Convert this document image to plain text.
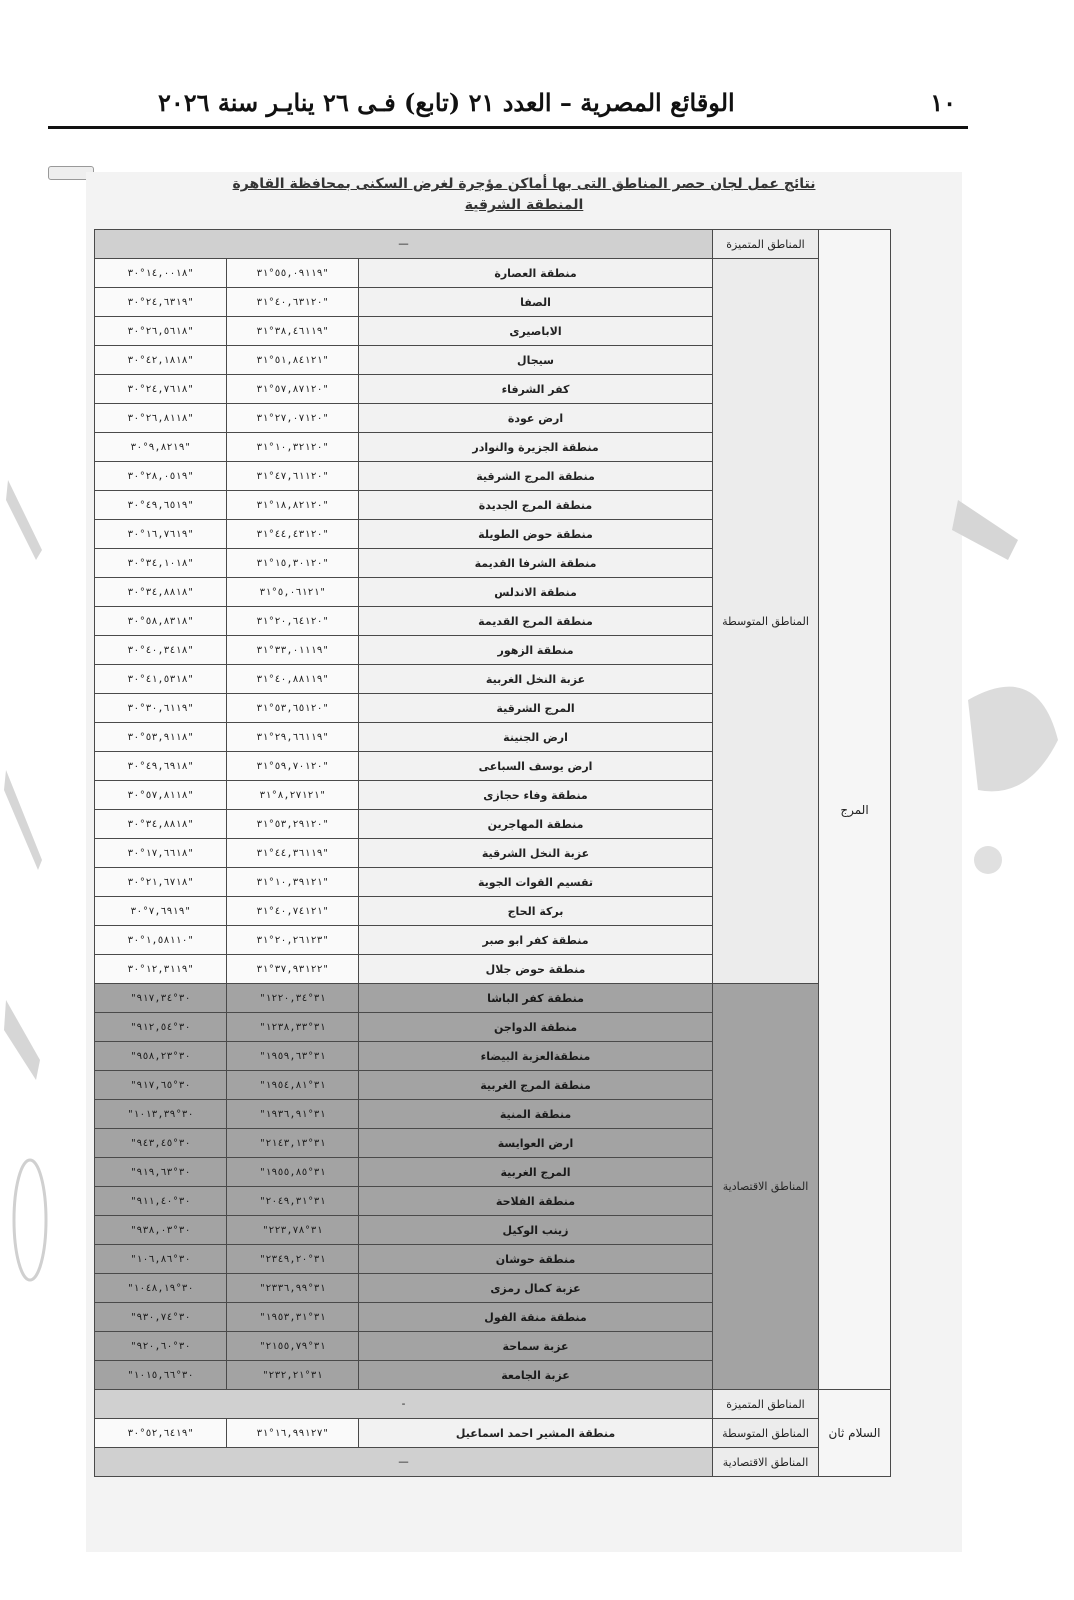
١٠
الوقائع المصرية – العدد ٢١ (تابع) فـى ٢٦ ينايـر سنة ٢٠٢٦
نتائج عمل لجان حصر المناطق التى بها أماكن مؤجرة لغرض السكنى بمحافظة القاهرة
المنطقة الشرقية
المرج	المناطق المتميزة	—		
	المناطق المتوسطة	منطقة العصارة	"٥٥,٠٩١١٩°٣١	"١٤,٠٠١٨°٣٠
		الصفا	"٤٠,٦٣١٢٠°٣١	"٢٤,٦٣١٩°٣٠
		الاباصيرى	"٣٨,٤٦١١٩°٣١	"٢٦,٥٦١٨°٣٠
		سيجال	"٥١,٨٤١٢١°٣١	"٤٢,١٨١٨°٣٠
		كفر الشرفاء	"٥٧,٨٧١٢٠°٣١	"٢٤,٧٦١٨°٣٠
		ارض عودة	"٢٧,٠٧١٢٠°٣١	"٢٦,٨١١٨°٣٠
		منطقة الجزيرة والنوادر	"١٠,٣٢١٢٠°٣١	"٩,٨٢١٩°٣٠
		منطقة المرج الشرقية	"٤٧,٦١١٢٠°٣١	"٢٨,٠٥١٩°٣٠
		منطقة المرج الجديدة	"١٨,٨٢١٢٠°٣١	"٤٩,٦٥١٩°٣٠
		منطقة حوض الطويلة	"٤٤,٤٣١٢٠°٣١	"١٦,٧٦١٩°٣٠
		منطقة الشرفا القديمة	"١٥,٣٠١٢٠°٣١	"٣٤,١٠١٨°٣٠
		منطقة الاندلس	"٥,٠٦١٢١°٣١	"٣٤,٨٨١٨°٣٠
		منطقة المرج القديمة	"٢٠,٦٤١٢٠°٣١	"٥٨,٨٣١٨°٣٠
		منطقة الزهور	"٣٣,٠١١١٩°٣١	"٤٠,٣٤١٨°٣٠
		عزبة النخل الغربية	"٤٠,٨٨١١٩°٣١	"٤١,٥٣١٨°٣٠
		المرج الشرقية	"٥٣,٦٥١٢٠°٣١	"٣٠,٦١١٩°٣٠
		ارض الجنينة	"٢٩,٦٦١١٩°٣١	"٥٣,٩١١٨°٣٠
		ارض يوسف السباعى	"٥٩,٧٠١٢٠°٣١	"٤٩,٦٩١٨°٣٠
		منطقة وفاء حجازى	"٨,٢٧١٢١°٣١	"٥٧,٨١١٨°٣٠
		منطقة المهاجرين	"٥٣,٢٩١٢٠°٣١	"٣٤,٨٨١٨°٣٠
		عزبة النخل الشرقية	"٤٤,٣٦١١٩°٣١	"١٧,٦٦١٨°٣٠
		تقسيم القوات الجوية	"١٠,٣٩١٢١°٣١	"٢١,٦٧١٨°٣٠
		بركة الحاج	"٤٠,٧٤١٢١°٣١	"٧,٦٩١٩°٣٠
		منطقة كفر ابو صبر	"٢٠,٢٦١٢٣°٣١	"١,٥٨١١٠°٣٠
		منطقة حوض جلال	"٣٧,٩٣١٢٢°٣١	"١٢,٣١١٩°٣٠
	المناطق الاقتصادية	منطقة كفر الباشا	٣١°١٢٢٠,٣٤"	٣٠°٩١٧,٣٤"
		منطقة الدواجن	٣١°١٢٣٨,٣٣"	٣٠°٩١٢,٥٤"
		منطقةالعزبة البيضاء	٣١°١٩٥٩,٦٣"	٣٠°٩٥٨,٢٣"
		منطقة المرج الغربية	٣١°١٩٥٤,٨١"	٣٠°٩١٧,٦٥"
		منطقة المنية	٣١°١٩٣٦,٩١"	٣٠°١٠١٣,٣٩"
		ارض العوايسة	٣١°٢١٤٣,١٣"	٣٠°٩٤٣,٤٥"
		المرج الغربية	٣١°١٩٥٥,٨٥"	٣٠°٩١٩,٦٣"
		منطقة الفلاحة	٣١°٢٠٤٩,٣١"	٣٠°٩١١,٤٠"
		زينب الوكيل	٣١°٢٢٣,٧٨"	٣٠°٩٣٨,٠٣"
		منطقة حوشان	٣١°٢٣٤٩,٢٠"	٣٠°١٠٦,٨٦"
		عزبة كمال رمزى	٣١°٢٣٣٦,٩٩"	٣٠°١٠٤٨,١٩"
		منطقة منقة الفول	٣١°١٩٥٣,٣١"	٣٠°٩٣٠,٧٤"
		عزبة سماحة	٣١°٢١٥٥,٧٩"	٣٠°٩٢٠,٦٠"
		عزبة الجامعة	٣١°٢٣٢,٢١"	٣٠°١٠١٥,٦٦"
السلام ثان	المناطق المتميزة	-		
	المناطق المتوسطة	منطقة المشير احمد اسماعيل	"١٦,٩٩١٢٧°٣١	"٥٢,٦٤١٩°٣٠
	المناطق الاقتصادية	—		
